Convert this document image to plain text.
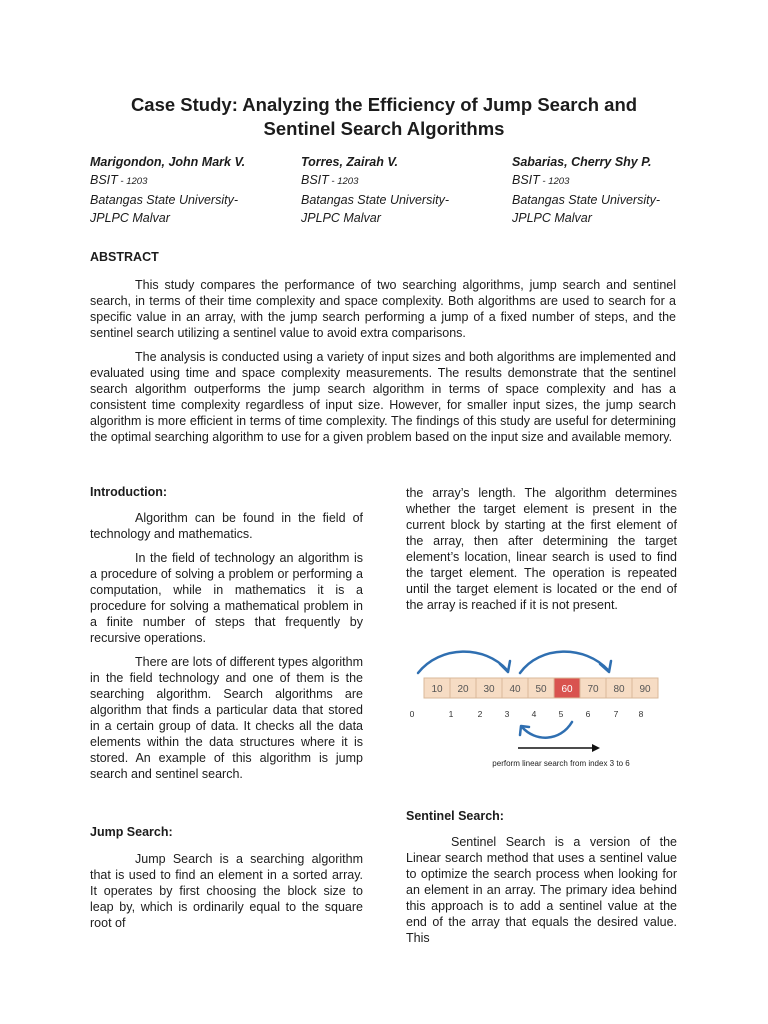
Case Study: Analyzing the Efficiency of Jump Search and
Sentinel Search Algorithms
Marigondon, John Mark V.
BSIT - 1203
Batangas State University-
JPLPC Malvar
Torres, Zairah V.
BSIT - 1203
Batangas State University-
JPLPC Malvar
Sabarias, Cherry Shy P.
BSIT - 1203
Batangas State University-
JPLPC Malvar
ABSTRACT

This study compares the performance of two searching algorithms, jump search and sentinel search, in terms of their time complexity and space complexity. Both algorithms are used to search for a specific value in an array, with the jump search performing a jump of a fixed number of steps, and the sentinel search utilizing a sentinel value to avoid extra comparisons.

The analysis is conducted using a variety of input sizes and both algorithms are implemented and evaluated using time and space complexity measurements. The results demonstrate that the sentinel search algorithm outperforms the jump search algorithm in terms of space complexity and has a consistent time complexity regardless of input size. However, for smaller input sizes, the jump search algorithm is more efficient in terms of time complexity. The findings of this study are useful for determining the optimal searching algorithm to use for a given problem based on the input size and available memory.

Introduction:

Algorithm can be found in the field of technology and mathematics.

In the field of technology an algorithm is a procedure of solving a problem or performing a computation, while in mathematics it is a procedure for solving a mathematical problem in a finite number of steps that frequently by recursive operations.

There are lots of different types algorithm in the field technology and one of them is the searching algorithm. Search algorithms are algorithm that finds a particular data that stored in a certain group of data. It checks all the data elements within the data structures where it is stored. An example of this algorithm is jump search and sentinel search.

Jump Search:

Jump Search is a searching algorithm that is used to find an element in a sorted array. It operates by first choosing the block size to leap by, which is ordinarily equal to the square root of

the array’s length. The algorithm determines whether the target element is present in the current block by starting at the first element of the array, then after determining the target element’s location, linear search is used to find the target element. The operation is repeated until the target element is located or the end of the array is reached if it is not present.

10 20 30 40 50 60 70 80 90
0	1	2	3	4	5	6	7 8
perform linear search from index 3 to 6
Sentinel Search:

Sentinel Search is a version of the Linear search method that uses a sentinel value to optimize the search process when looking for an element in an array. The primary idea behind this approach is to add a sentinel value at the end of the array that equals the desired value. This
